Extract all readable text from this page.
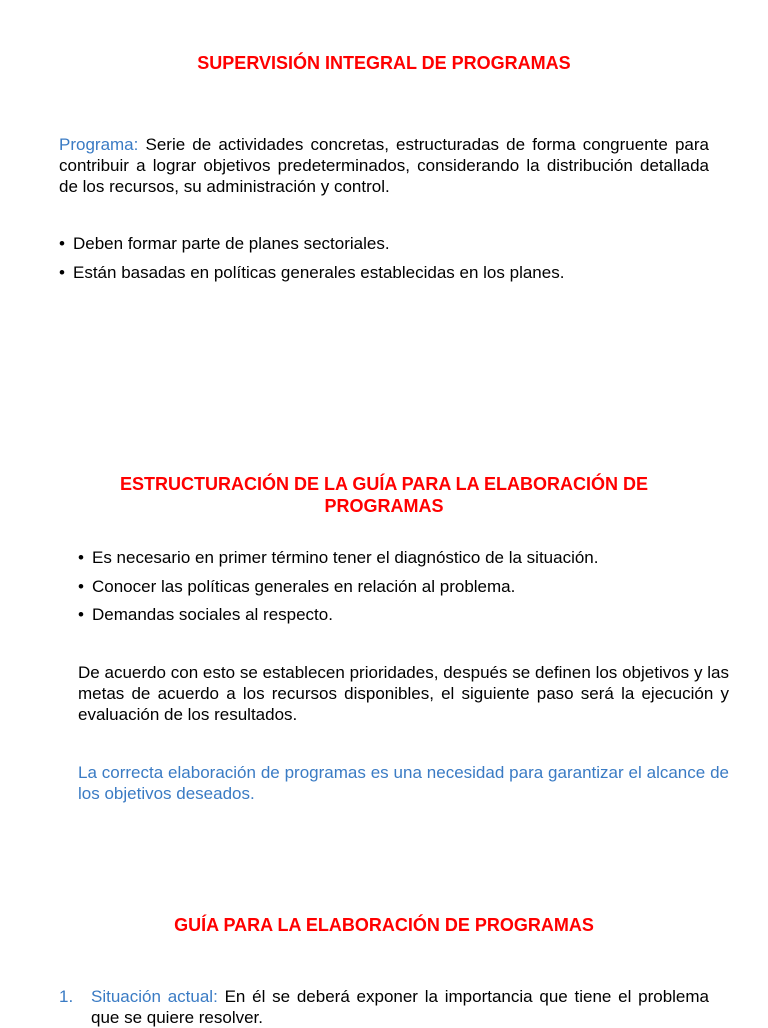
SUPERVISIÓN INTEGRAL DE PROGRAMAS
Programa: Serie de actividades concretas, estructuradas de forma congruente para contribuir a lograr objetivos predeterminados, considerando la distribución detallada de los recursos, su administración y control.
• Deben formar parte de planes sectoriales.
• Están basadas en políticas generales establecidas en los planes.
ESTRUCTURACIÓN DE LA GUÍA PARA LA ELABORACIÓN DE
PROGRAMAS
• Es necesario en primer término tener el diagnóstico de la situación.
• Conocer las políticas generales en relación al problema.
• Demandas sociales al respecto.
De acuerdo con esto se establecen prioridades, después se definen los objetivos y las metas de acuerdo a los recursos disponibles, el siguiente paso será la ejecución y evaluación de los resultados.
La correcta elaboración de programas es una necesidad para garantizar el alcance de los objetivos deseados.
GUÍA PARA LA ELABORACIÓN DE PROGRAMAS
1. Situación actual: En él se deberá exponer la importancia que tiene el problema que se quiere resolver.
